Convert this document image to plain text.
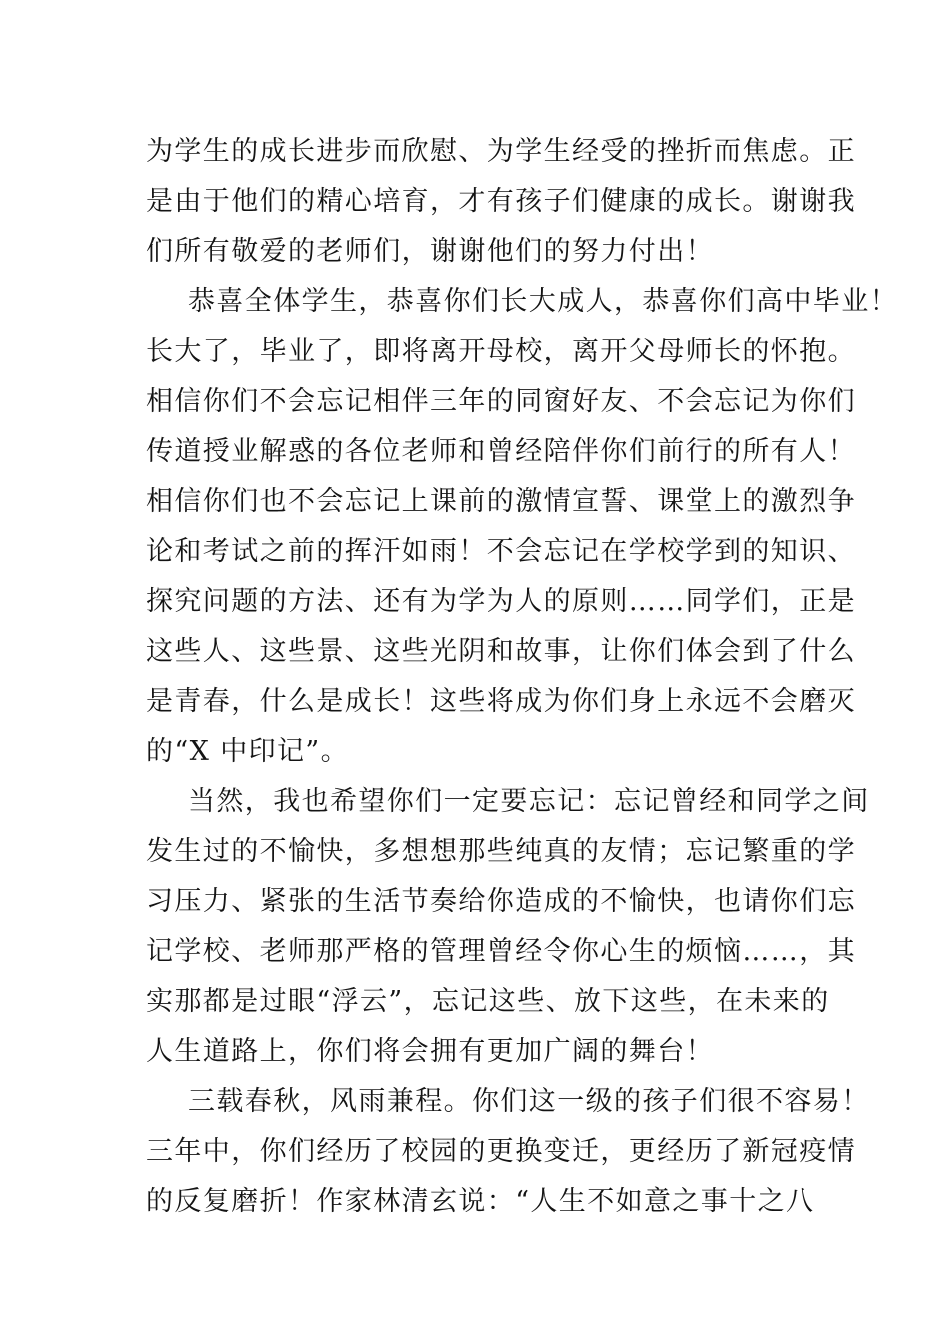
为学生的成长进步而欣慰、为学生经受的挫折而焦虑。正
是由于他们的精心培育，才有孩子们健康的成长。谢谢我
们所有敬爱的老师们，谢谢他们的努力付出！
恭喜全体学生，恭喜你们长大成人，恭喜你们高中毕业！
长大了，毕业了，即将离开母校，离开父母师长的怀抱。
相信你们不会忘记相伴三年的同窗好友、不会忘记为你们
传道授业解惑的各位老师和曾经陪伴你们前行的所有人！
相信你们也不会忘记上课前的激情宣誓、课堂上的激烈争
论和考试之前的挥汗如雨！不会忘记在学校学到的知识、
探究问题的方法、还有为学为人的原则……同学们，正是
这些人、这些景、这些光阴和故事，让你们体会到了什么
是青春，什么是成长！这些将成为你们身上永远不会磨灭
的“X 中印记”。
当然，我也希望你们一定要忘记：忘记曾经和同学之间
发生过的不愉快，多想想那些纯真的友情；忘记繁重的学
习压力、紧张的生活节奏给你造成的不愉快，也请你们忘
记学校、老师那严格的管理曾经令你心生的烦恼……，其
实那都是过眼“浮云”，忘记这些、放下这些，在未来的
人生道路上，你们将会拥有更加广阔的舞台！
三载春秋，风雨兼程。你们这一级的孩子们很不容易！
三年中，你们经历了校园的更换变迁，更经历了新冠疫情
的反复磨折！作家林清玄说：“人生不如意之事十之八
